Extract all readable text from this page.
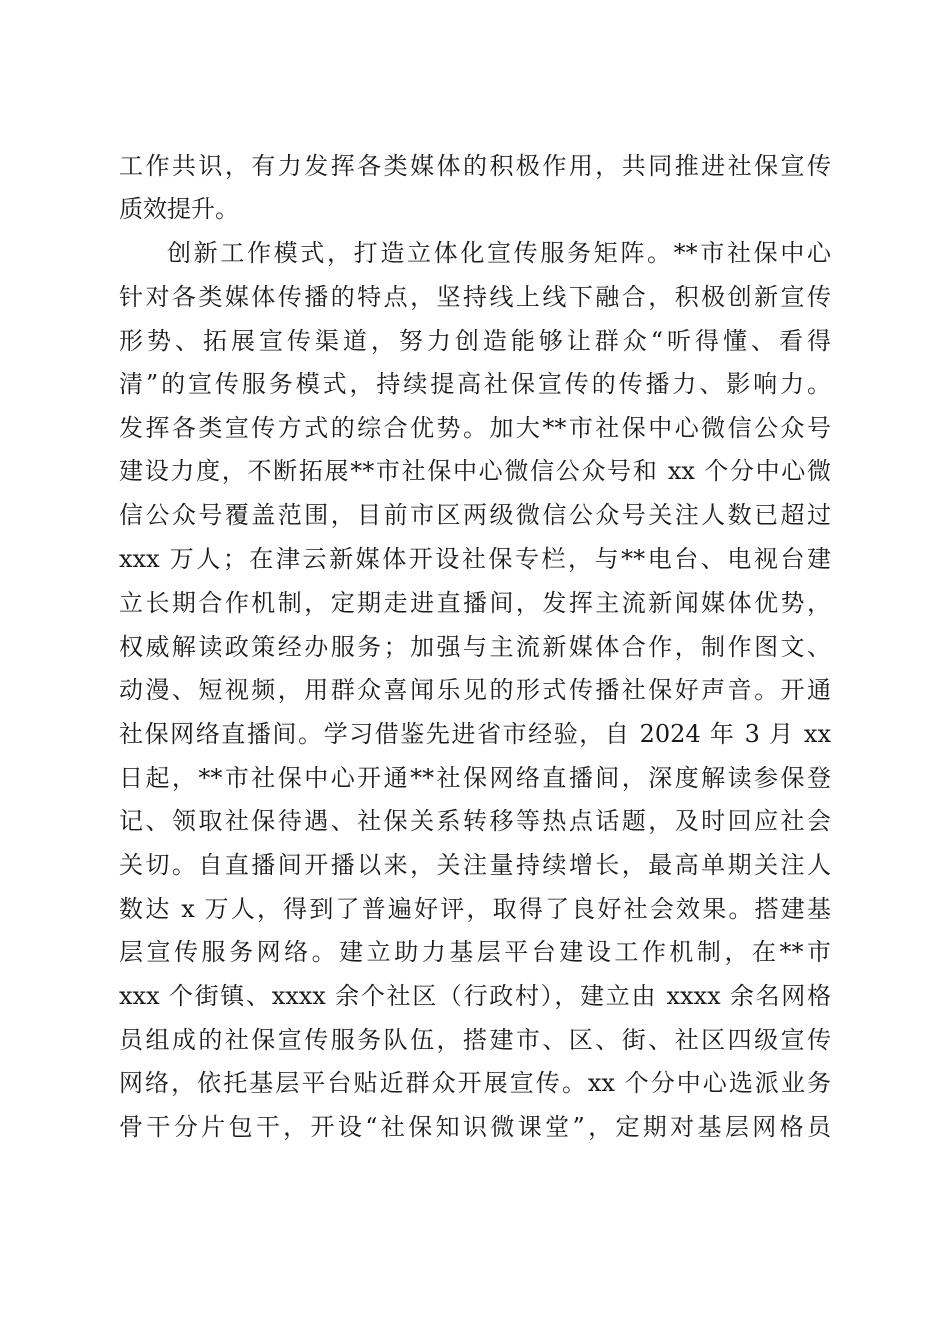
工作共识，有力发挥各类媒体的积极作用，共同推进社保宣传
质效提升。
创新工作模式，打造立体化宣传服务矩阵。**市社保中心
针对各类媒体传播的特点，坚持线上线下融合，积极创新宣传
形势、拓展宣传渠道，努力创造能够让群众“听得懂、看得
清”的宣传服务模式，持续提高社保宣传的传播力、影响力。
发挥各类宣传方式的综合优势。加大**市社保中心微信公众号
建设力度，不断拓展**市社保中心微信公众号和 xx 个分中心微
信公众号覆盖范围，目前市区两级微信公众号关注人数已超过
xxx 万人；在津云新媒体开设社保专栏，与**电台、电视台建
立长期合作机制，定期走进直播间，发挥主流新闻媒体优势，
权威解读政策经办服务；加强与主流新媒体合作，制作图文、
动漫、短视频，用群众喜闻乐见的形式传播社保好声音。开通
社保网络直播间。学习借鉴先进省市经验，自 2024 年 3 月 xx
日起，**市社保中心开通**社保网络直播间，深度解读参保登
记、领取社保待遇、社保关系转移等热点话题，及时回应社会
关切。自直播间开播以来，关注量持续增长，最高单期关注人
数达 x 万人，得到了普遍好评，取得了良好社会效果。搭建基
层宣传服务网络。建立助力基层平台建设工作机制，在**市
xxx 个街镇、xxxx 余个社区（行政村），建立由 xxxx 余名网格
员组成的社保宣传服务队伍，搭建市、区、街、社区四级宣传
网络，依托基层平台贴近群众开展宣传。xx 个分中心选派业务
骨干分片包干，开设“社保知识微课堂”，定期对基层网格员
